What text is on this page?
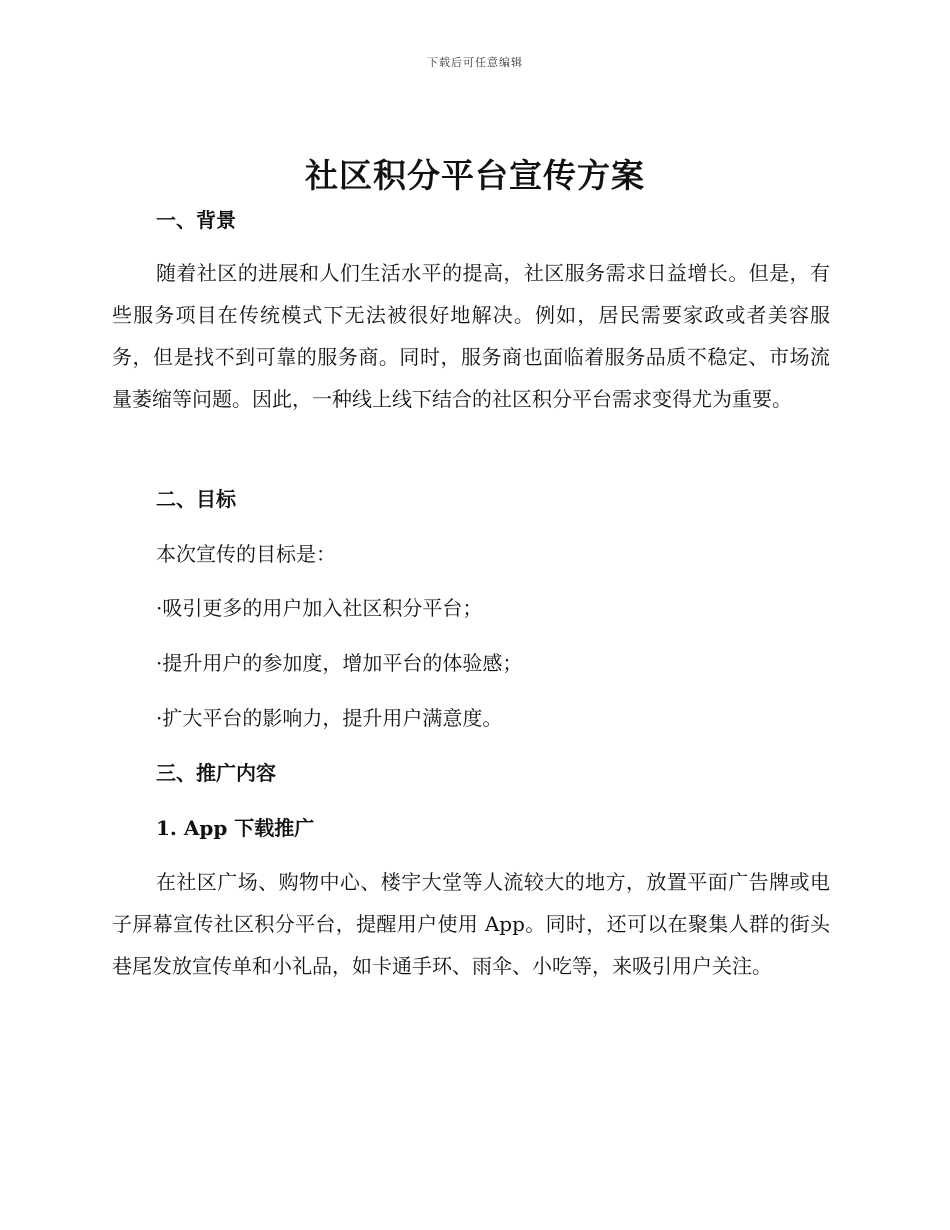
下载后可任意编辑
社区积分平台宣传方案
一、背景

随着社区的进展和人们生活水平的提高，社区服务需求日益增长。但是，有些服务项目在传统模式下无法被很好地解决。例如，居民需要家政或者美容服务，但是找不到可靠的服务商。同时，服务商也面临着服务品质不稳定、市场流量萎缩等问题。因此，一种线上线下结合的社区积分平台需求变得尤为重要。

二、目标

本次宣传的目标是：

·吸引更多的用户加入社区积分平台；

·提升用户的参加度，增加平台的体验感；

·扩大平台的影响力，提升用户满意度。

三、推广内容
1. App 下载推广

在社区广场、购物中心、楼宇大堂等人流较大的地方，放置平面广告牌或电子屏幕宣传社区积分平台，提醒用户使用 App。同时，还可以在聚集人群的街头巷尾发放宣传单和小礼品，如卡通手环、雨伞、小吃等，来吸引用户关注。
